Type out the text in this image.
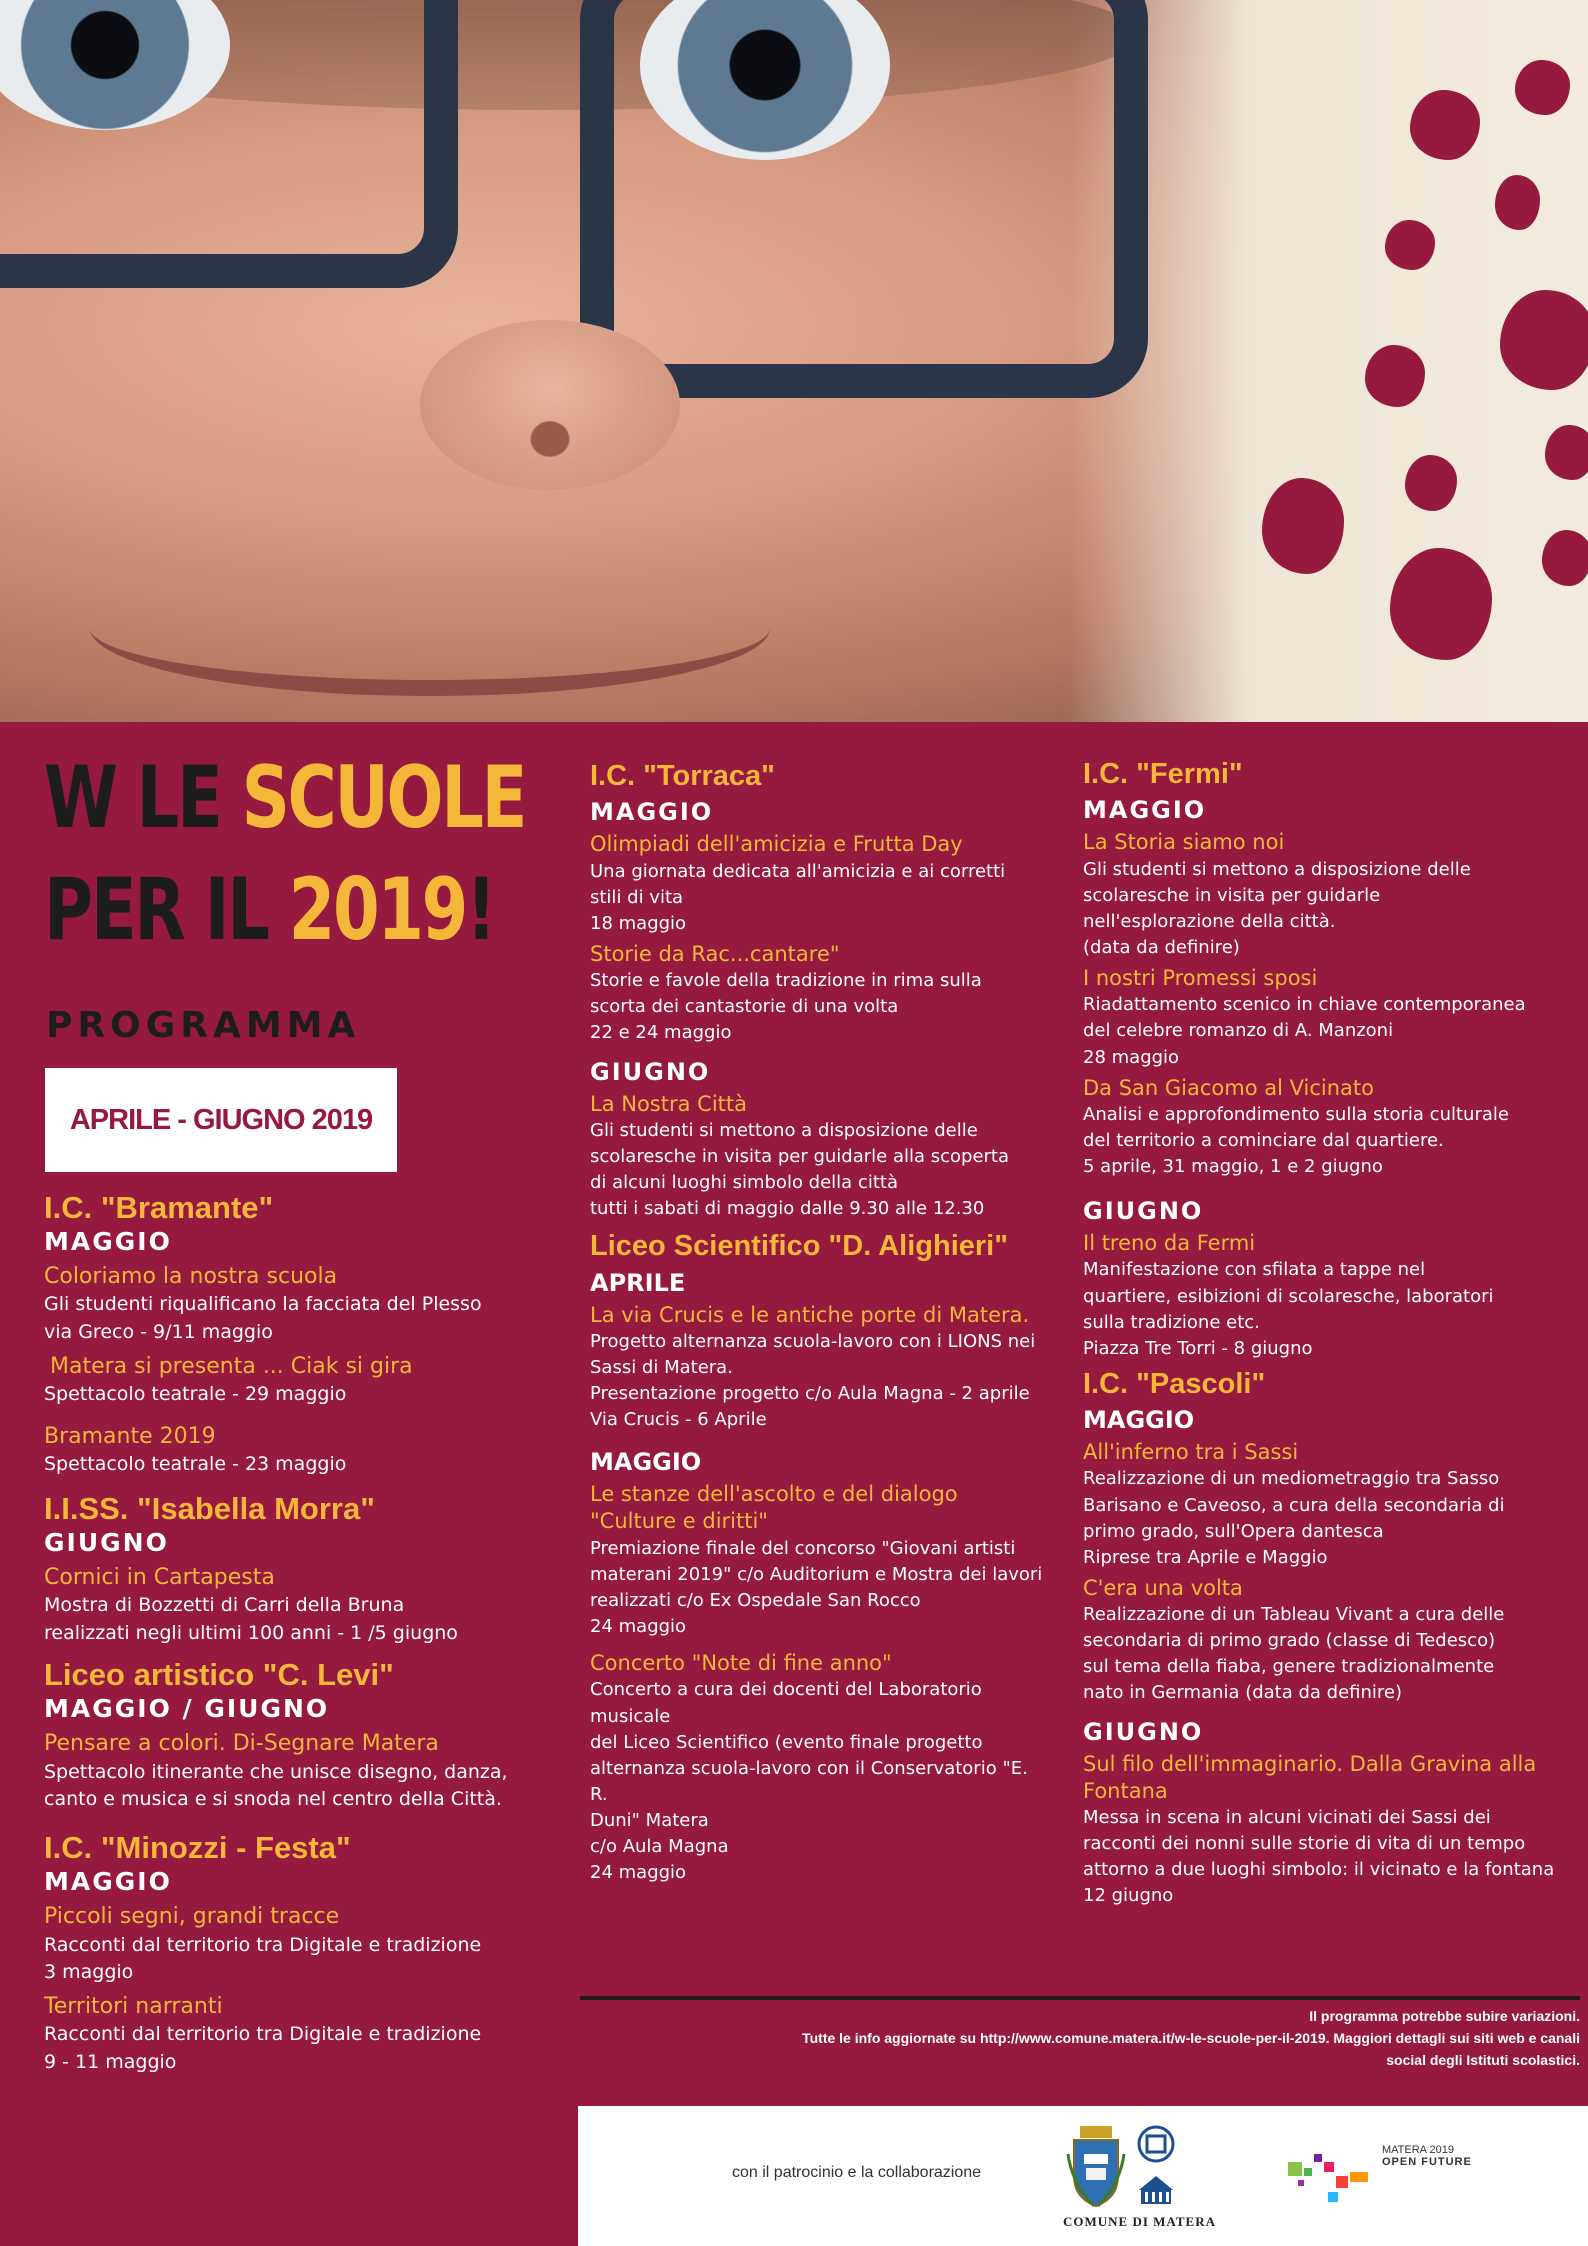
W LE SCUOLE
PER IL 2019!

PROGRAMMA

APRILE - GIUGNO 2019

I.C. "Bramante"

MAGGIO

Coloriamo la nostra scuola

Gli studenti riqualificano la facciata del Plesso
via Greco - 9/11 maggio

Matera si presenta ... Ciak si gira

Spettacolo teatrale - 29 maggio

Bramante 2019

Spettacolo teatrale - 23 maggio

I.I.SS. "Isabella Morra"

GIUGNO

Cornici in Cartapesta

Mostra di Bozzetti di Carri della Bruna
realizzati negli ultimi 100 anni - 1 /5 giugno

Liceo artistico "C. Levi"

MAGGIO / GIUGNO

Pensare a colori. Di-Segnare Matera

Spettacolo itinerante che unisce disegno, danza,
canto e musica e si snoda nel centro della Città.

I.C. "Minozzi - Festa"

MAGGIO

Piccoli segni, grandi tracce

Racconti dal territorio tra Digitale e tradizione
3 maggio

Territori narranti

Racconti dal territorio tra Digitale e tradizione
9 - 11 maggio

I.C. "Torraca"

MAGGIO

Olimpiadi dell'amicizia e Frutta Day

Una giornata dedicata all'amicizia e ai corretti
stili di vita
18 maggio

Storie da Rac...cantare"

Storie e favole della tradizione in rima sulla
scorta dei cantastorie di una volta
22 e 24 maggio

GIUGNO

La Nostra Città

Gli studenti si mettono a disposizione delle
scolaresche in visita per guidarle alla scoperta
di alcuni luoghi simbolo della città
tutti i sabati di maggio dalle 9.30 alle 12.30

Liceo Scientifico "D. Alighieri"

APRILE

La via Crucis e le antiche porte di Matera.

Progetto alternanza scuola-lavoro con i LIONS nei
Sassi di Matera.
Presentazione progetto c/o Aula Magna - 2 aprile
Via Crucis - 6 Aprile

MAGGIO

Le stanze dell'ascolto e del dialogo
"Culture e diritti"

Premiazione finale del concorso "Giovani artisti
materani 2019" c/o Auditorium e Mostra dei lavori
realizzati c/o Ex Ospedale San Rocco
24 maggio

Concerto "Note di fine anno"

Concerto a cura dei docenti del Laboratorio musicale
del Liceo Scientifico (evento finale progetto
alternanza scuola-lavoro con il Conservatorio "E. R.
Duni" Matera
c/o Aula Magna
24 maggio

I.C. "Fermi"

MAGGIO

La Storia siamo noi

Gli studenti si mettono a disposizione delle
scolaresche in visita per guidarle
nell'esplorazione della città.
(data da definire)

I nostri Promessi sposi

Riadattamento scenico in chiave contemporanea
del celebre romanzo di A. Manzoni
28 maggio

Da San Giacomo al Vicinato

Analisi e approfondimento sulla storia culturale
del territorio a cominciare dal quartiere.
5 aprile, 31 maggio, 1 e 2 giugno

GIUGNO

Il treno da Fermi

Manifestazione con sfilata a tappe nel
quartiere, esibizioni di scolaresche, laboratori
sulla tradizione etc.
Piazza Tre Torri - 8 giugno

I.C. "Pascoli"

MAGGIO

All'inferno tra i Sassi

Realizzazione di un mediometraggio tra Sasso
Barisano e Caveoso, a cura della secondaria di
primo grado, sull'Opera dantesca
Riprese tra Aprile e Maggio

C'era una volta

Realizzazione di un Tableau Vivant a cura delle
secondaria di primo grado (classe di Tedesco)
sul tema della fiaba, genere tradizionalmente
nato in Germania (data da definire)

GIUGNO

Sul filo dell'immaginario. Dalla Gravina alla
Fontana

Messa in scena in alcuni vicinati dei Sassi dei
racconti dei nonni sulle storie di vita di un tempo
attorno a due luoghi simbolo: il vicinato e la fontana
12 giugno

Il programma potrebbe subire variazioni.

Tutte le info aggiornate su http://www.comune.matera.it/w-le-scuole-per-il-2019. Maggiori dettagli sui siti web e canali

social degli Istituti scolastici.

con il patrocinio e la collaborazione
COMUNE DI MATERA
MATERA 2019
OPEN FUTURE
